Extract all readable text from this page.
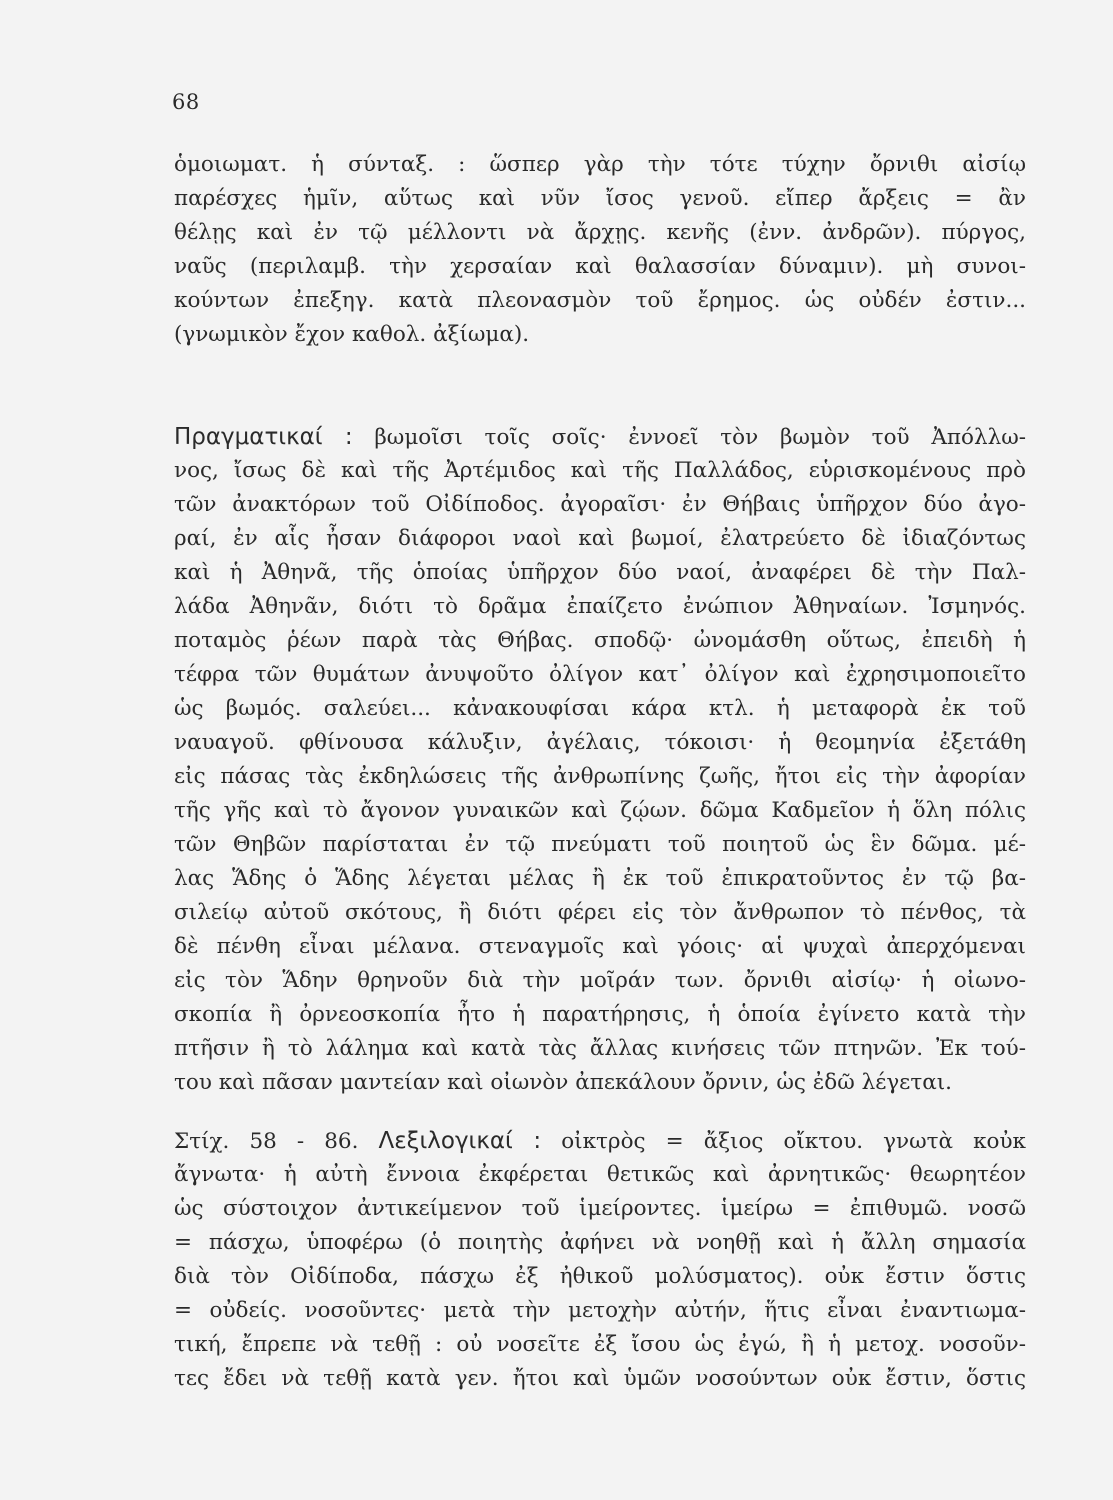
68
ὁμοιωματ. ἡ σύνταξ. : ὥσπερ γὰρ τὴν τότε τύχην ὄρνιθι αἰσίῳ
παρέσχες ἡμῖν, αὕτως καὶ νῦν ἴσος γενοῦ. εἴπερ ἄρξεις = ἂν
θέλῃς καὶ ἐν τῷ μέλλοντι νὰ ἄρχῃς. κενῆς (ἐνν. ἀνδρῶν). πύργος,
ναῦς (περιλαμβ. τὴν χερσαίαν καὶ θαλασσίαν δύναμιν). μὴ συνοι-
κούντων ἐπεξηγ. κατὰ πλεονασμὸν τοῦ ἔρημος. ὡς οὐδέν ἐστιν...
(γνωμικὸν ἔχον καθολ. ἀξίωμα).
Πραγματικαί : βωμοῖσι τοῖς σοῖς· ἐννοεῖ τὸν βωμὸν τοῦ Ἀπόλλω-
νος, ἴσως δὲ καὶ τῆς Ἀρτέμιδος καὶ τῆς Παλλάδος, εὑρισκομένους πρὸ
τῶν ἀνακτόρων τοῦ Οἰδίποδος. ἀγοραῖσι· ἐν Θήβαις ὑπῆρχον δύο ἀγο-
ραί, ἐν αἷς ἦσαν διάφοροι ναοὶ καὶ βωμοί, ἐλατρεύετο δὲ ἰδιαζόντως
καὶ ἡ Ἀθηνᾶ, τῆς ὁποίας ὑπῆρχον δύο ναοί, ἀναφέρει δὲ τὴν Παλ-
λάδα Ἀθηνᾶν, διότι τὸ δρᾶμα ἐπαίζετο ἐνώπιον Ἀθηναίων. Ἰσμηνός.
ποταμὸς ῥέων παρὰ τὰς Θήβας. σποδῷ· ὠνομάσθη οὕτως, ἐπειδὴ ἡ
τέφρα τῶν θυμάτων ἀνυψοῦτο ὀλίγον κατ᾿ ὀλίγον καὶ ἐχρησιμοποιεῖτο
ὡς βωμός. σαλεύει... κἀνακουφίσαι κάρα κτλ. ἡ μεταφορὰ ἐκ τοῦ
ναυαγοῦ. φθίνουσα κάλυξιν, ἀγέλαις, τόκοισι· ἡ θεομηνία ἐξετάθη
εἰς πάσας τὰς ἐκδηλώσεις τῆς ἀνθρωπίνης ζωῆς, ἤτοι εἰς τὴν ἀφορίαν
τῆς γῆς καὶ τὸ ἄγονον γυναικῶν καὶ ζῴων. δῶμα Καδμεῖον ἡ ὅλη πόλις
τῶν Θηβῶν παρίσταται ἐν τῷ πνεύματι τοῦ ποιητοῦ ὡς ἓν δῶμα. μέ-
λας Ἅδης ὁ Ἅδης λέγεται μέλας ἢ ἐκ τοῦ ἐπικρατοῦντος ἐν τῷ βα-
σιλείῳ αὐτοῦ σκότους, ἢ διότι φέρει εἰς τὸν ἄνθρωπον τὸ πένθος, τὰ
δὲ πένθη εἶναι μέλανα. στεναγμοῖς καὶ γόοις· αἱ ψυχαὶ ἀπερχόμεναι
εἰς τὸν Ἅδην θρηνοῦν διὰ τὴν μοῖράν των. ὄρνιθι αἰσίῳ· ἡ οἰωνο-
σκοπία ἢ ὀρνεοσκοπία ἦτο ἡ παρατήρησις, ἡ ὁποία ἐγίνετο κατὰ τὴν
πτῆσιν ἢ τὸ λάλημα καὶ κατὰ τὰς ἄλλας κινήσεις τῶν πτηνῶν. Ἐκ τού-
του καὶ πᾶσαν μαντείαν καὶ οἰωνὸν ἀπεκάλουν ὄρνιν, ὡς ἐδῶ λέγεται.
Στίχ. 58 - 86. Λεξιλογικαί : οἰκτρὸς = ἄξιος οἴκτου. γνωτὰ κοὐκ
ἄγνωτα· ἡ αὐτὴ ἔννοια ἐκφέρεται θετικῶς καὶ ἀρνητικῶς· θεωρητέον
ὡς σύστοιχον ἀντικείμενον τοῦ ἱμείροντες. ἱμείρω = ἐπιθυμῶ. νοσῶ
= πάσχω, ὑποφέρω (ὁ ποιητὴς ἀφήνει νὰ νοηθῇ καὶ ἡ ἄλλη σημασία
διὰ τὸν Οἰδίποδα, πάσχω ἐξ ἠθικοῦ μολύσματος). οὐκ ἔστιν ὅστις
= οὐδείς. νοσοῦντες· μετὰ τὴν μετοχὴν αὐτήν, ἥτις εἶναι ἐναντιωμα-
τική, ἔπρεπε νὰ τεθῇ : οὐ νοσεῖτε ἐξ ἴσου ὡς ἐγώ, ἢ ἡ μετοχ. νοσοῦν-
τες ἔδει νὰ τεθῇ κατὰ γεν. ἤτοι καὶ ὑμῶν νοσούντων οὐκ ἔστιν, ὅστις
